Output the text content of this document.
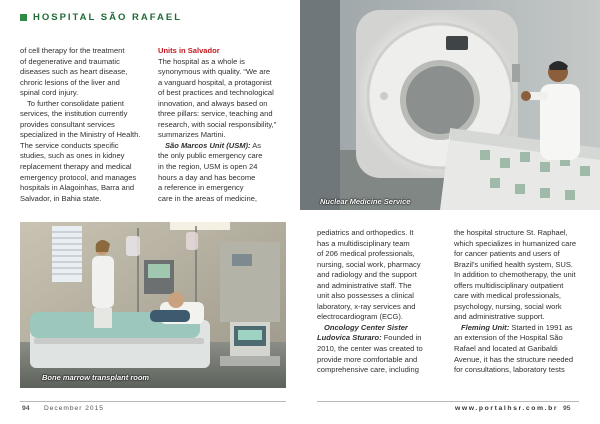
HOSPITAL SÃO RAFAEL

of cell therapy for the treatment

of degenerative and traumatic

diseases such as heart disease,

chroric lesions of the liver and

spinal cord injury.

To further consolidate patient

services, the institution currently

provides consultant services

specialized in the Ministry of Health.

The service conducts specific

studies, such as ones in kidney

replacement therapy and medical

emergency protocol, and manages

hospitals in Alagoinhas, Barra and

Salvador, in Bahia state.

Units in Salvador

The hospital as a whole is

synonymous with quality. “We are

a vanguard hospital, a protagonist

of best practices and technological

innovation, and always based on

three pillars: service, teaching and

research, with social responsibility,”

summarizes Martini.

São Marcos Unit (USM): As

the only public emergency care

in the region, USM is open 24

hours a day and has become

a reference in emergency

care in the areas of medicine,

Bone marrow transplant room
Nuclear Medicine Service

pediatrics and orthopedics. It

has a multidisciplinary team

of 206 medical professionals,

nursing, social work, pharmacy

and radiology and the support

and administrative staff. The

unit also possesses a clinical

laboratory, x-ray services and

electrocardiogram (ECG).

Oncology Center Sister

Ludovica Sturaro: Founded in

2010, the center was created to

provide more comfortable and

comprehensive care, including

the hospital structure St. Raphael,

which specializes in humanized care

for cancer patients and users of

Brazil’s unified health system, SUS.

In addition to chemotherapy, the unit

offers multidisciplinary outpatient

care with medical professionals,

psychology, nursing, social work

and administrative support.

Fleming Unit: Started in 1991 as

an extension of the Hospital São

Rafael and located at Garibaldi

Avenue, it has the structure needed

for consultations, laboratory tests

94 December 2015	www.portalhsr.com.br 95
